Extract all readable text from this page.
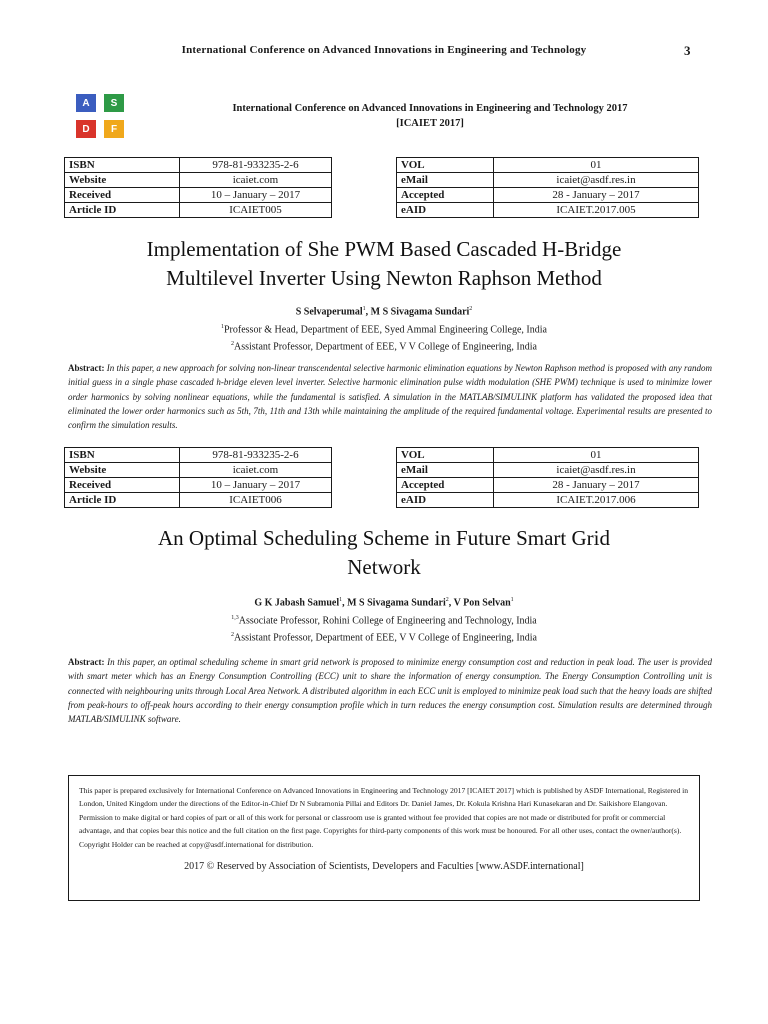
International Conference on Advanced Innovations in Engineering and Technology	3
A	S
D	F
International Conference on Advanced Innovations in Engineering and Technology 2017
[ICAIET 2017]
ISBN	978-81-933235-2-6
Website	icaiet.com
Received	10 – January – 2017
Article ID	ICAIET005
VOL	01
eMail	icaiet@asdf.res.in
Accepted	28 - January – 2017
eAID	ICAIET.2017.005
Implementation of She PWM Based Cascaded H-Bridge
Multilevel Inverter Using Newton Raphson Method
S Selvaperumal$^1$, M S Sivagama Sundari$^2$
$^1$Professor & Head, Department of EEE, Syed Ammal Engineering College, India
$^2$Assistant Professor, Department of EEE, V V College of Engineering, India
Abstract: In this paper, a new approach for solving non-linear transcendental selective harmonic elimination equations by Newton Raphson method is proposed with any random initial guess in a single phase cascaded h-bridge eleven level inverter. Selective harmonic elimination pulse width modulation (SHE PWM) technique is used to minimize lower order harmonics by solving nonlinear equations, while the fundamental is satisfied. A simulation in the MATLAB/SIMULINK platform has validated the proposed idea that eliminated the lower order harmonics such as 5th, 7th, 11th and 13th while maintaining the amplitude of the required fundamental voltage. Experimental results are presented to confirm the simulation results.
ISBN	978-81-933235-2-6
Website	icaiet.com
Received	10 – January – 2017
Article ID	ICAIET006
VOL	01
eMail	icaiet@asdf.res.in
Accepted	28 - January – 2017
eAID	ICAIET.2017.006
An Optimal Scheduling Scheme in Future Smart Grid
Network
G K Jabash Samuel$^1$, M S Sivagama Sundari$^2$, V Pon Selvan$^1$
$^{1,3}$Associate Professor, Rohini College of Engineering and Technology, India
$^2$Assistant Professor, Department of EEE, V V College of Engineering, India
Abstract: In this paper, an optimal scheduling scheme in smart grid network is proposed to minimize energy consumption cost and reduction in peak load. The user is provided with smart meter which has an Energy Consumption Controlling (ECC) unit to share the information of energy consumption. The Energy Consumption Controlling unit is connected with neighbouring units through Local Area Network. A distributed algorithm in each ECC unit is employed to minimize peak load such that the heavy loads are shifted from peak-hours to off-peak hours according to their energy consumption profile which in turn reduces the energy consumption cost. Simulation results are determined through MATLAB/SIMULINK software.
This paper is prepared exclusively for International Conference on Advanced Innovations in Engineering and Technology 2017 [ICAIET 2017] which is published by ASDF International, Registered in London, United Kingdom under the directions of the Editor-in-Chief Dr N Subramonia Pillai and Editors Dr. Daniel James, Dr. Kokula Krishna Hari Kunasekaran and Dr. Saikishore Elangovan. Permission to make digital or hard copies of part or all of this work for personal or classroom use is granted without fee provided that copies are not made or distributed for profit or commercial advantage, and that copies bear this notice and the full citation on the first page. Copyrights for third-party components of this work must be honoured. For all other uses, contact the owner/author(s). Copyright Holder can be reached at copy@asdf.international for distribution.
2017 © Reserved by Association of Scientists, Developers and Faculties [www.ASDF.international]
